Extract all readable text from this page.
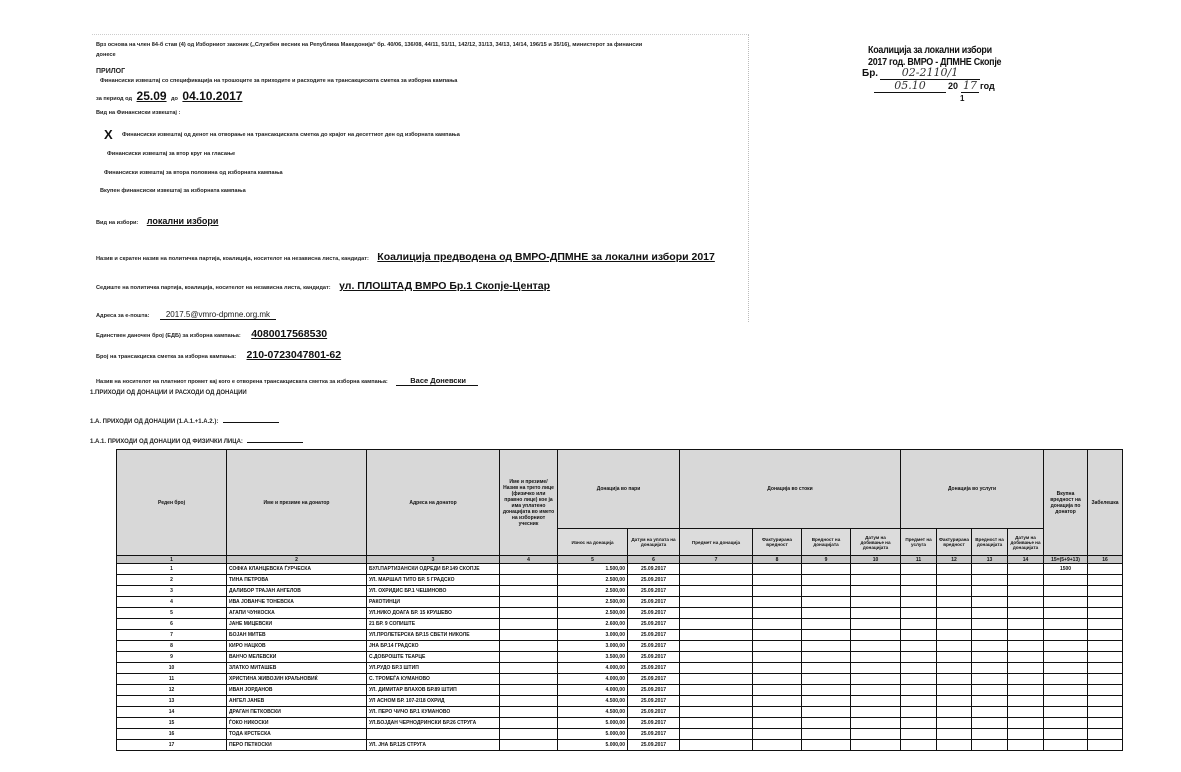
Врз основа на член 84-б став (4) од Изборниот законик („Службен весник на Република Македонија“ бр. 40/06, 136/08, 44/11, 51/11, 142/12, 31/13, 34/13, 14/14, 196/15 и 35/16), министерот за финансии
донесе
ПРИЛОГ
Финансиски извештај со спецификација на трошоците за приходите и расходите на трансакциската сметка за изборна кампања
за период од 25.09 до 04.10.2017
Вид на Финансиски извештај :
X Финансиски извештај од денот на отворање на трансакциската сметка до крајот на десеттиот ден од изборната кампања
Финансиски извештај за втор круг на гласање
Финансиски извештај за втора половина од изборната кампања
Вкупен финансиски извештај за изборната кампања
Вид на избори: локални избори
Назив и скратен назив на политичка партија, коалиција, носителот на независна листа, кандидат: Коалиција предводена од ВМРО-ДПМНЕ за локални избори 2017
Седиште на политичка партија, коалиција, носителот на независна листа, кандидат: ул. ПЛОШТАД ВМРО Бр.1 Скопје-Центар
Адреса за е-пошта: 2017.5@vmro-dpmne.org.mk
Единствен даночен број (ЕДБ) за изборна кампања: 4080017568530
Број на трансакциска сметка за изборна кампања: 210-0723047801-62
Назив на носителот на платниот промет кај кого е отворена трансакциската сметка за изборна кампања:	Васе Доневски
1.ПРИХОДИ ОД ДОНАЦИИ И РАСХОДИ ОД ДОНАЦИИ
1.А. ПРИХОДИ ОД ДОНАЦИИ (1.А.1.+1.А.2.):
1.А.1. ПРИХОДИ ОД ДОНАЦИИ ОД ФИЗИЧКИ ЛИЦА:
Коалиција за локални избори
2017 год. ВМРО - ДПМНЕ Скопје
Бр.	02-2110/1
05.10	20 17 год
1
Реден број	Име и презиме на донатор	Адреса на донатор	Име и презиме/Назив на трето лице (физичко или правно лице) кое ја има уплатено донацијата во името на изборниот учесник	Донација во пари		Донација во стоки				Донација во услуги				Вкупна вредност на донација по донатор	Забелешка
				Износ на донација	Датум на уплата на донацијата	Предмет на донација	Фактурирана вредност	Вредност на донацијата	Датум на добивање на донацијата	Предмет на услуга	Фактурирана вредност	Вредност на донацијата	Датум на добивање на донацијата		
1	2	3	4	5	6	7	8	9	10	11	12	13	14	15=(5+9+13)	16
1	СОФКА КЛАНЦЕВСКА ЃУРЧЕСКА	БУЛ.ПАРТИЗАНСКИ ОДРЕДИ БР.149 СКОПЈЕ		1.500,00	25.09.2017									1500	
2	ТИНА ПЕТРОВА	УЛ. МАРШАЛ ТИТО БР. 5 ГРАДСКО		2.500,00	25.09.2017										
3	ДАЛИБОР ТРАЈАН АНГЕЛОВ	УЛ. ОХРИДИС БР.1 ЧЕШИНОВО		2.500,00	25.09.2017										
4	ИВА ЈОВАНЧЕ ТОНЕВСКА	РАКОТИНЦИ		2.500,00	25.09.2017										
5	АГАПИ ЧУНКОСКА	УЛ.НИКО ДОАГА БР. 15 КРУШЕВО		2.500,00	25.09.2017										
6	ЈАНЕ МИЦЕВСКИ	21 БР. 9 СОПИШТЕ		2.600,00	25.09.2017										
7	БОЈАН МИТЕВ	УЛ.ПРОЛЕТЕРСКА БР.15 СВЕТИ НИКОЛЕ		3.000,00	25.09.2017										
8	КИРО НАЦКОВ	ЈНА БР.14 ГРАДСКО		3.000,00	25.09.2017										
9	ВАНЧО МЕЛЕВСКИ	С.ДОБРОШТЕ ТЕАРЦЕ		3.500,00	25.09.2017										
10	ЗЛАТКО МИТАШЕВ	УЛ.РУДО БР.3 ШТИП		4.000,00	25.09.2017										
11	ХРИСТИНА ЖИВОЈИН КРАЉНОВИЌ	С. ТРОМЕЃА КУМАНОВО		4.000,00	25.09.2017										
12	ИВАН ЈОРДАНОВ	УЛ. ДИМИТАР ВЛАХОВ БР.89 ШТИП		4.000,00	25.09.2017										
13	АНГЕЛ ЈАНЕВ	УЛ АСНОМ БР. 107-2/18 ОХРИД		4.500,00	25.09.2017										
14	ДРАГАН ПЕТКОВСКИ	УЛ. ПЕРО ЧИЧО БР.1 КУМАНОВО		4.500,00	25.09.2017										
15	ЃОКО НИКОСКИ	УЛ.БОЈДАН ЧЕРНОДРИНСКИ БР.26 СТРУГА		5.000,00	25.09.2017										
16	ТОДА КРСТЕСКА			5.000,00	25.09.2017										
17	ПЕРО ПЕТКОСКИ	УЛ. ЈНА БР.125 СТРУГА		5.000,00	25.09.2017										
